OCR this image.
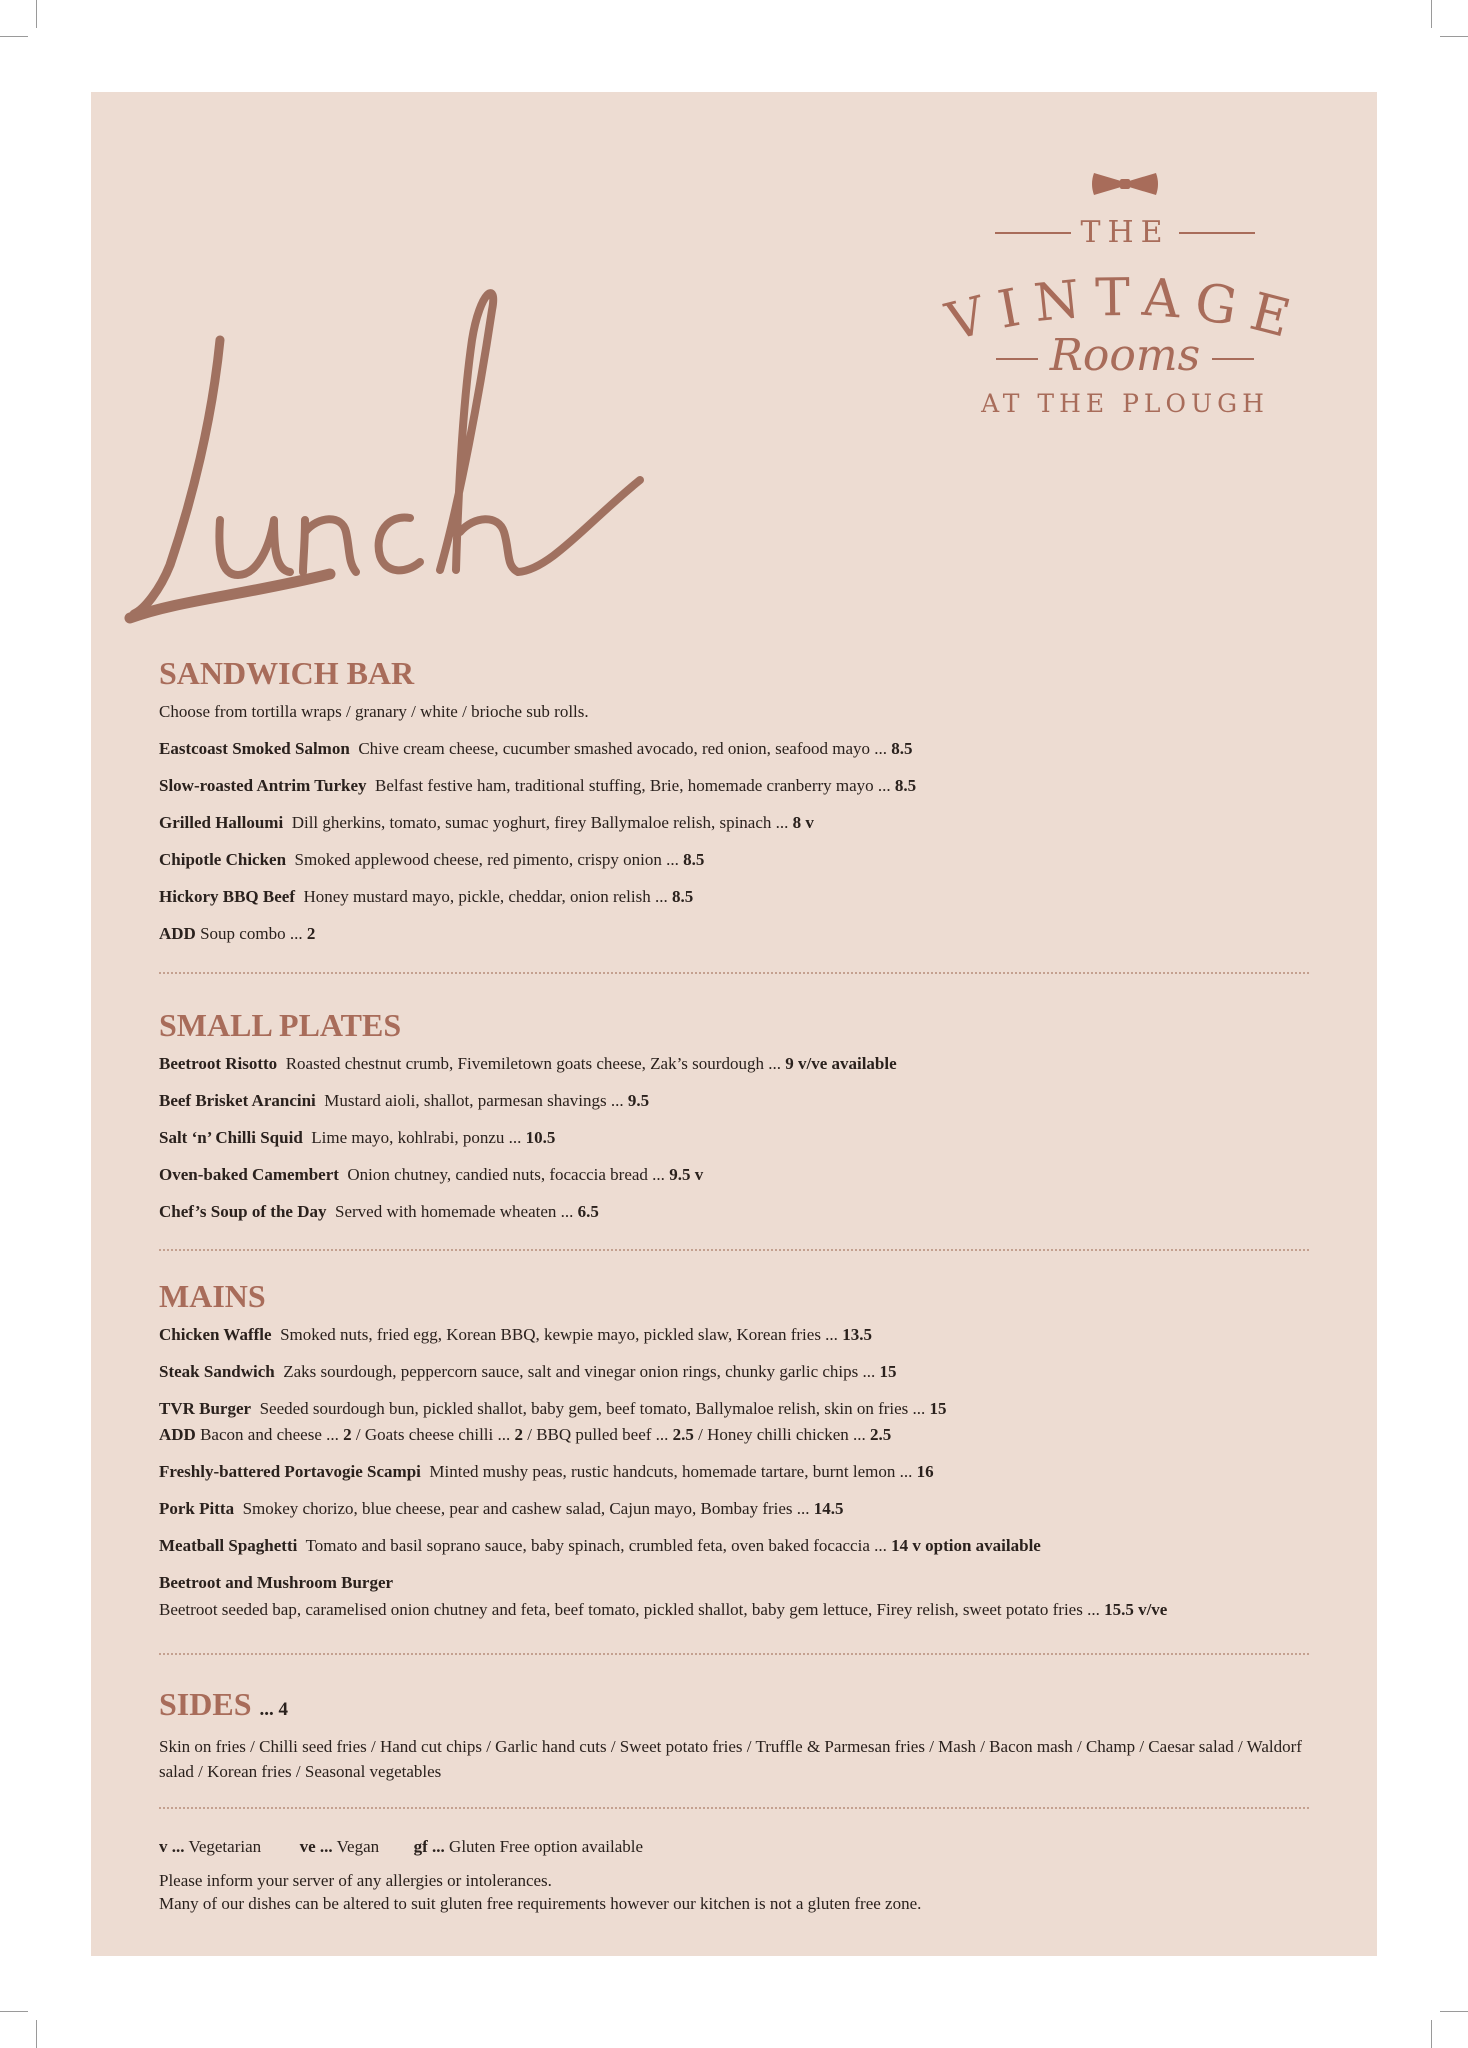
THE
VINTAGE
Rooms
AT THE PLOUGH
SANDWICH BAR

Choose from tortilla wraps / granary / white / brioche sub rolls.

Eastcoast Smoked Salmon Chive cream cheese, cucumber smashed avocado, red onion, seafood mayo ... 8.5

Slow-roasted Antrim Turkey Belfast festive ham, traditional stuffing, Brie, homemade cranberry mayo ... 8.5

Grilled Halloumi Dill gherkins, tomato, sumac yoghurt, firey Ballymaloe relish, spinach ... 8 v

Chipotle Chicken Smoked applewood cheese, red pimento, crispy onion ... 8.5

Hickory BBQ Beef Honey mustard mayo, pickle, cheddar, onion relish ... 8.5

ADD Soup combo ... 2

SMALL PLATES

Beetroot Risotto Roasted chestnut crumb, Fivemiletown goats cheese, Zak’s sourdough ... 9 v/ve available

Beef Brisket Arancini Mustard aioli, shallot, parmesan shavings ... 9.5

Salt ‘n’ Chilli Squid Lime mayo, kohlrabi, ponzu ... 10.5

Oven-baked Camembert Onion chutney, candied nuts, focaccia bread ... 9.5 v

Chef’s Soup of the Day Served with homemade wheaten ... 6.5

MAINS

Chicken Waffle Smoked nuts, fried egg, Korean BBQ, kewpie mayo, pickled slaw, Korean fries ... 13.5

Steak Sandwich Zaks sourdough, peppercorn sauce, salt and vinegar onion rings, chunky garlic chips ... 15

TVR Burger Seeded sourdough bun, pickled shallot, baby gem, beef tomato, Ballymaloe relish, skin on fries ... 15

ADD Bacon and cheese ... 2 / Goats cheese chilli ... 2 / BBQ pulled beef ... 2.5 / Honey chilli chicken ... 2.5

Freshly-battered Portavogie Scampi Minted mushy peas, rustic handcuts, homemade tartare, burnt lemon ... 16

Pork Pitta Smokey chorizo, blue cheese, pear and cashew salad, Cajun mayo, Bombay fries ... 14.5

Meatball Spaghetti Tomato and basil soprano sauce, baby spinach, crumbled feta, oven baked focaccia ... 14 v option available

Beetroot and Mushroom Burger

Beetroot seeded bap, caramelised onion chutney and feta, beef tomato, pickled shallot, baby gem lettuce, Firey relish, sweet potato fries ... 15.5 v/ve

SIDES ... 4

Skin on fries / Chilli seed fries / Hand cut chips / Garlic hand cuts / Sweet potato fries / Truffle & Parmesan fries / Mash / Bacon mash / Champ / Caesar salad / Waldorf salad / Korean fries / Seasonal vegetables

v ... Vegetarian ve ... Vegan gf ... Gluten Free option available

Please inform your server of any allergies or intolerances.

Many of our dishes can be altered to suit gluten free requirements however our kitchen is not a gluten free zone.
